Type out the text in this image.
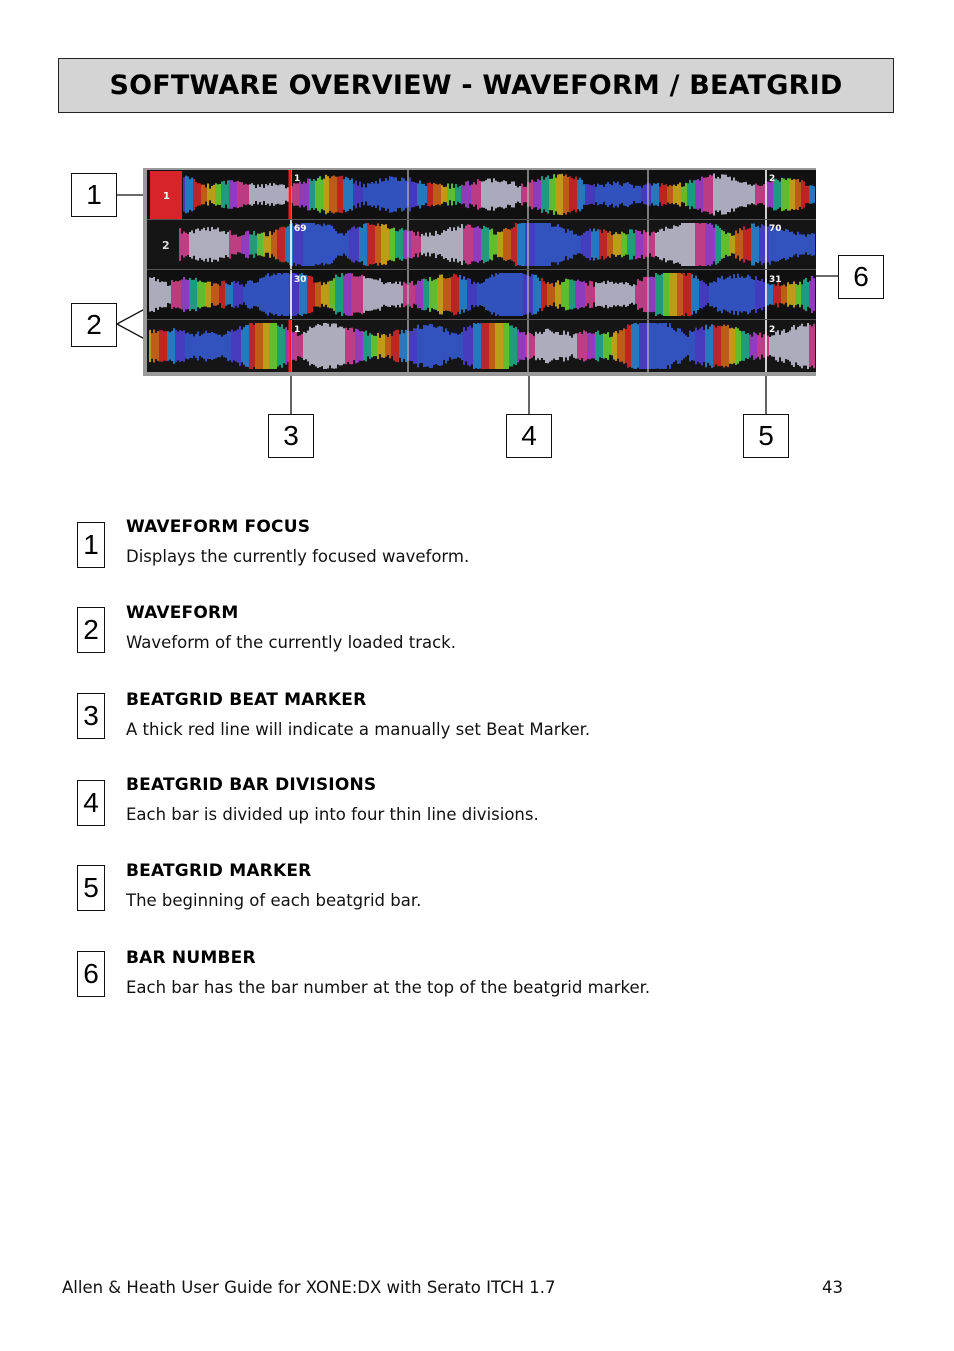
SOFTWARE OVERVIEW - WAVEFORM / BEATGRID
1
2
1	2
69	70
30	31
1	2
1
2
3	4	5
6
1
WAVEFORM FOCUS
Displays the currently focused waveform.
2
WAVEFORM
Waveform of the currently loaded track.
3	BEATGRID BEAT MARKER
A thick red line will indicate a manually set Beat Marker.
4
BEATGRID BAR DIVISIONS
Each bar is divided up into four thin line divisions.
5
BEATGRID MARKER
The beginning of each beatgrid bar.
6	BAR NUMBER
Each bar has the bar number at the top of the beatgrid marker.
Allen & Heath User Guide for XONE:DX with Serato ITCH 1.7	43
